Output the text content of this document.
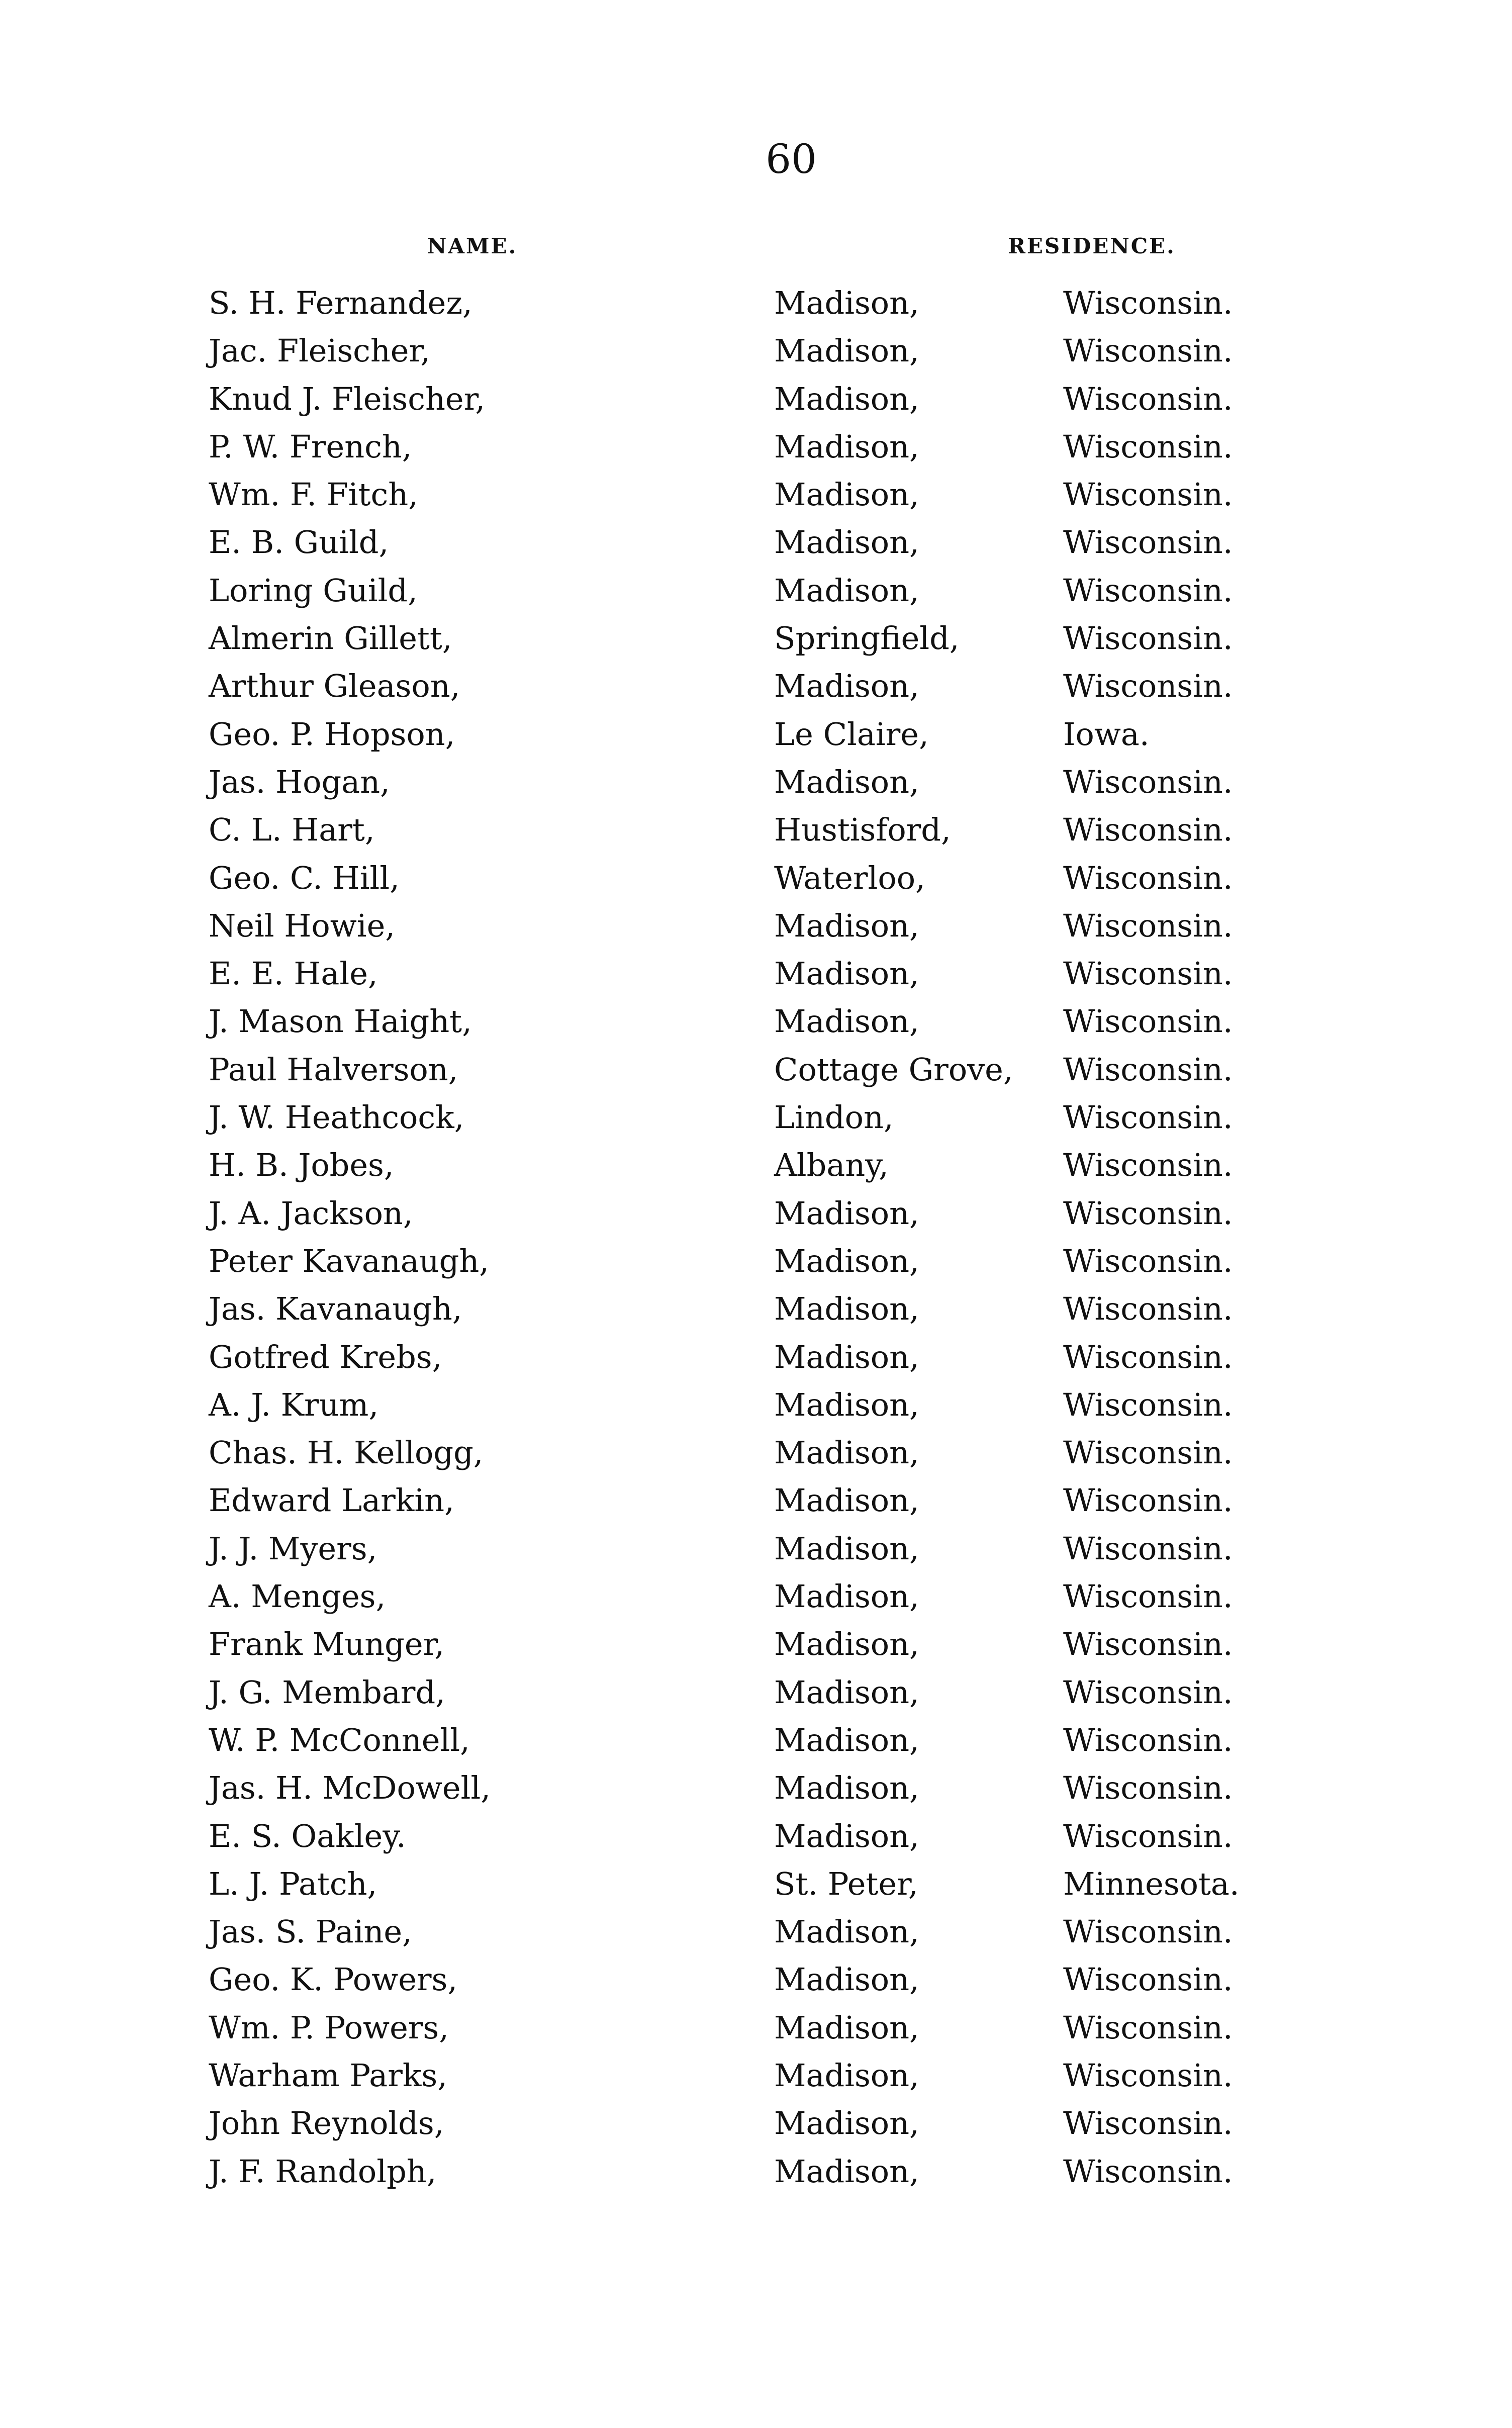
60
NAME.	RESIDENCE.
S. H. Fernandez,	Madison,	Wisconsin.
Jac. Fleischer,	Madison,	Wisconsin.
Knud J. Fleischer,	Madison,	Wisconsin.
P. W. French,	Madison,	Wisconsin.
Wm. F. Fitch,	Madison,	Wisconsin.
E. B. Guild,	Madison,	Wisconsin.
Loring Guild,	Madison,	Wisconsin.
Almerin Gillett,	Springfield,	Wisconsin.
Arthur Gleason,	Madison,	Wisconsin.
Geo. P. Hopson,	Le Claire,	Iowa.
Jas. Hogan,	Madison,	Wisconsin.
C. L. Hart,	Hustisford,	Wisconsin.
Geo. C. Hill,	Waterloo,	Wisconsin.
Neil Howie,	Madison,	Wisconsin.
E. E. Hale,	Madison,	Wisconsin.
J. Mason Haight,	Madison,	Wisconsin.
Paul Halverson,	Cottage Grove, Wisconsin.
J. W. Heathcock,	Lindon,	Wisconsin.
H. B. Jobes,	Albany,	Wisconsin.
J. A. Jackson,	Madison,	Wisconsin.
Peter Kavanaugh,	Madison,	Wisconsin.
Jas. Kavanaugh,	Madison,	Wisconsin.
Gotfred Krebs,	Madison,	Wisconsin.
A. J. Krum,	Madison,	Wisconsin.
Chas. H. Kellogg,	Madison,	Wisconsin.
Edward Larkin,	Madison,	Wisconsin.
J. J. Myers,	Madison,	Wisconsin.
A. Menges,	Madison,	Wisconsin.
Frank Munger,	Madison,	Wisconsin.
J. G. Membard,	Madison,	Wisconsin.
W. P. McConnell,	Madison,	Wisconsin.
Jas. H. McDowell,	Madison,	Wisconsin.
E. S. Oakley.	Madison,	Wisconsin.
L. J. Patch,	St. Peter,	Minnesota.
Jas. S. Paine,	Madison,	Wisconsin.
Geo. K. Powers,	Madison,	Wisconsin.
Wm. P. Powers,	Madison,	Wisconsin.
Warham Parks,	Madison,	Wisconsin.
John Reynolds,	Madison,	Wisconsin.
J. F. Randolph,	Madison,	Wisconsin.
